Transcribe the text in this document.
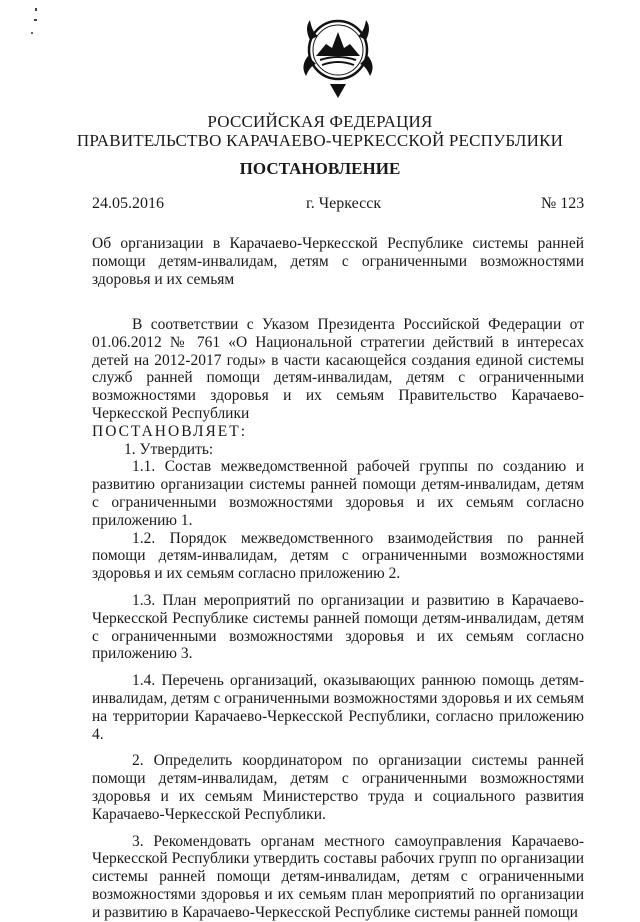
РОССИЙСКАЯ ФЕДЕРАЦИЯ
ПРАВИТЕЛЬСТВО КАРАЧАЕВО-ЧЕРКЕССКОЙ РЕСПУБЛИКИ
ПОСТАНОВЛЕНИЕ
24.05.2016	г. Черкесск	№ 123
Об организации в Карачаево-Черкесской Республике системы ранней помощи детям-инвалидам, детям с ограниченными возможностями здоровья и их семьям

В соответствии с Указом Президента Российской Федерации от 01.06.2012 № 761 «О Национальной стратегии действий в интересах детей на 2012-2017 годы» в части касающейся создания единой системы служб ранней помощи детям-инвалидам, детям с ограниченными возможностями здоровья и их семьям Правительство Карачаево-Черкесской Республики

ПОСТАНОВЛЯЕТ:

1. Утвердить:

1.1. Состав межведомственной рабочей группы по созданию и развитию организации системы ранней помощи детям-инвалидам, детям с ограниченными возможностями здоровья и их семьям согласно приложению 1.

1.2. Порядок межведомственного взаимодействия по ранней помощи детям-инвалидам, детям с ограниченными возможностями здоровья и их семьям согласно приложению 2.

1.3. План мероприятий по организации и развитию в Карачаево-Черкесской Республике системы ранней помощи детям-инвалидам, детям с ограниченными возможностями здоровья и их семьям согласно приложению 3.

1.4. Перечень организаций, оказывающих раннюю помощь детям-инвалидам, детям с ограниченными возможностями здоровья и их семьям на территории Карачаево-Черкесской Республики, согласно приложению 4.

2. Определить координатором по организации системы ранней помощи детям-инвалидам, детям с ограниченными возможностями здоровья и их семьям Министерство труда и социального развития Карачаево-Черкесской Республики.

3. Рекомендовать органам местного самоуправления Карачаево-Черкесской Республики утвердить составы рабочих групп по организации системы ранней помощи детям-инвалидам, детям с ограниченными возможностями здоровья и их семьям план мероприятий по организации и развитию в Карачаево-Черкесской Республике системы ранней помощи
